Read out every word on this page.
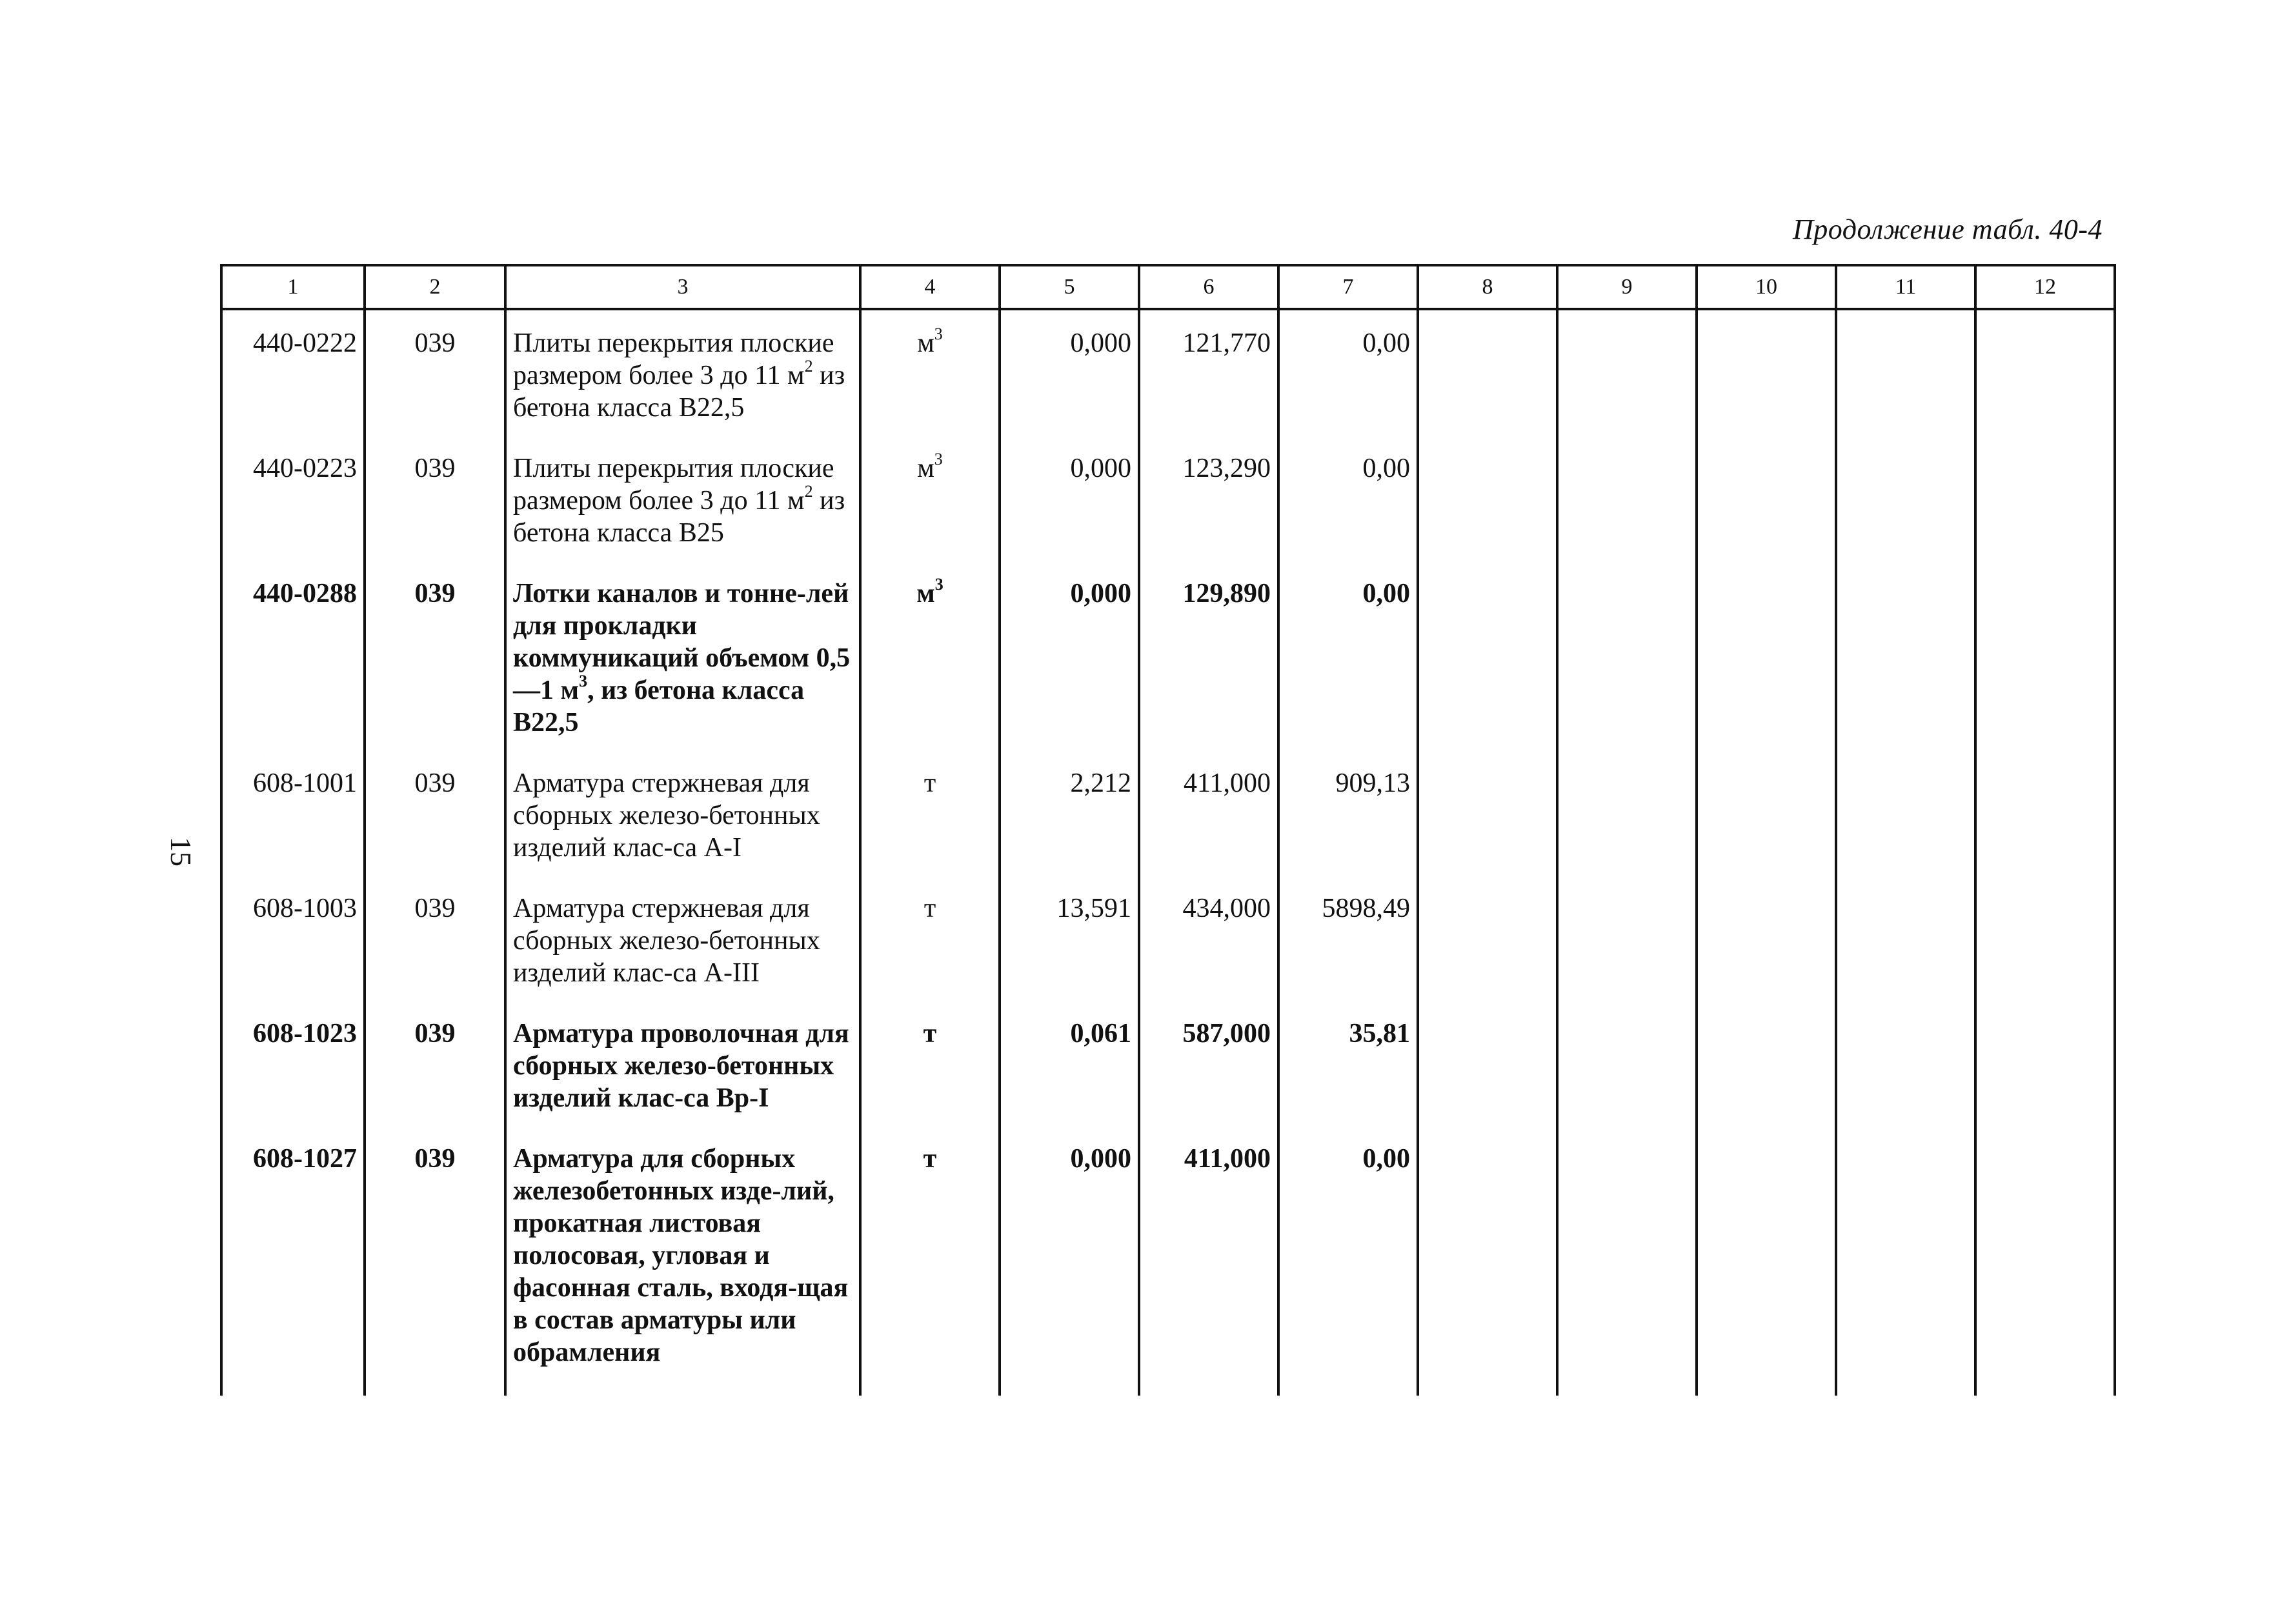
Продолжение табл. 40-4
15
1	2	3	4	5	6	7	8	9	10	11	12
440-0222	039	Плиты перекрытия плоские размером более 3 до 11 $м^2$ из бетона класса В22,5	$м^3$	0,000	121,770	0,00					
440-0223	039	Плиты перекрытия плоские размером более 3 до 11 $м^2$ из бетона класса В25	$м^3$	0,000	123,290	0,00					
440-0288	039	Лотки каналов и тонне-лей для прокладки коммуникаций объемом 0,5—1 $м^3$, из бетона класса В22,5	$м^3$	0,000	129,890	0,00					
608-1001	039	Арматура стержневая для сборных железо-бетонных изделий клас-са А-I	т	2,212	411,000	909,13					
608-1003	039	Арматура стержневая для сборных железо-бетонных изделий клас-са А-III	т	13,591	434,000	5898,49					
608-1023	039	Арматура проволочная для сборных железо-бетонных изделий клас-са Вр-I	т	0,061	587,000	35,81					
608-1027	039	Арматура для сборных железобетонных изде-лий, прокатная листовая полосовая, угловая и фасонная сталь, входя-щая в состав арматуры или обрамления	т	0,000	411,000	0,00					
